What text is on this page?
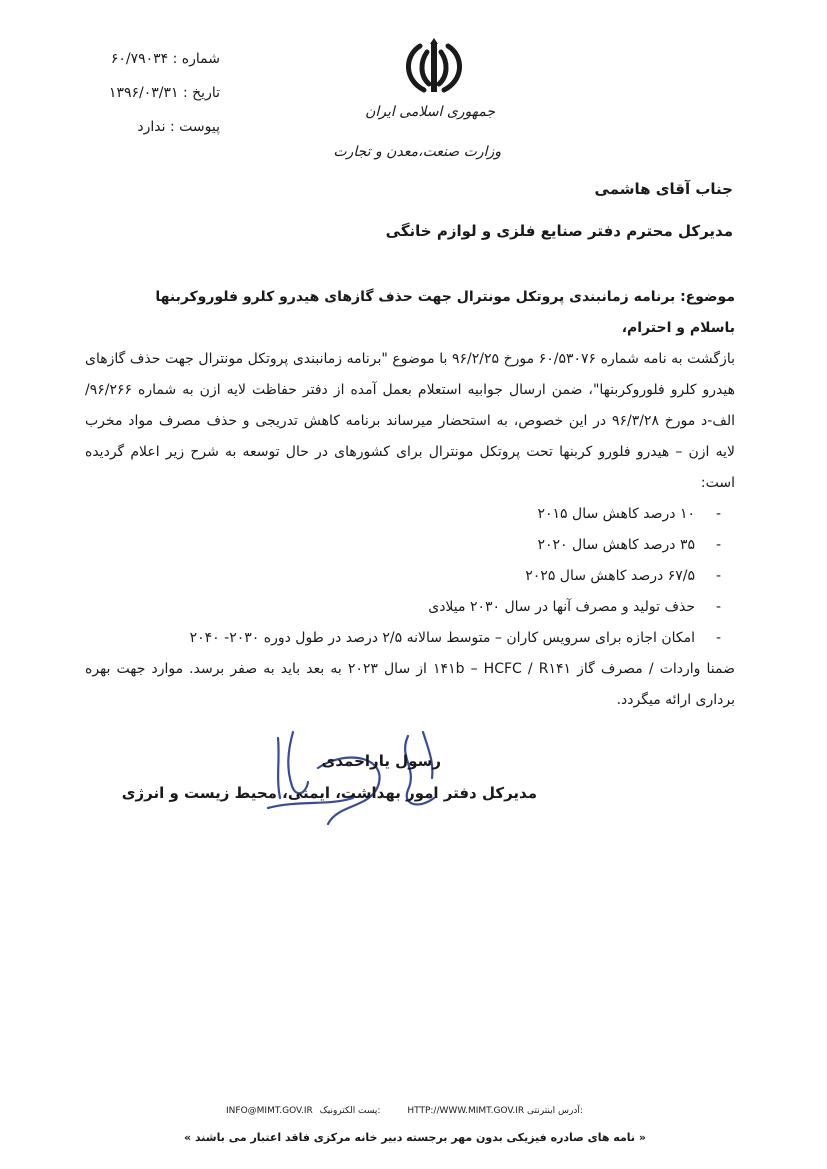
شماره : ۶۰/۷۹۰۳۴
تاریخ : ۱۳۹۶/۰۳/۳۱
پیوست : ندارد
جمهوری اسلامی ایران
وزارت صنعت،معدن و تجارت
جناب آقای هاشمی
مدیرکل محترم دفتر صنایع فلزی و لوازم خانگی
موضوع: برنامه زمانبندی پروتکل مونترال جهت حذف گازهای هیدرو کلرو فلوروکربنها
باسلام و احترام،
بازگشت به نامه شماره ۶۰/۵۳۰۷۶ مورخ ۹۶/۲/۲۵ با موضوع "برنامه زمانبندی پروتکل مونترال جهت حذف گازهای هیدرو کلرو فلوروکربنها"، ضمن ارسال جوابیه استعلام بعمل آمده از دفتر حفاظت لایه ازن به شماره ۹۶/۲۶۶/الف-د مورخ ۹۶/۳/۲۸ در این خصوص، به استحضار میرساند برنامه کاهش تدریجی و حذف مصرف مواد مخرب لایه ازن – هیدرو فلورو کربنها تحت پروتکل مونترال برای کشورهای در حال توسعه به شرح زیر اعلام گردیده است:
-
۱۰ درصد کاهش سال ۲۰۱۵
-
۳۵ درصد کاهش سال ۲۰۲۰
-
۶۷/۵ درصد کاهش سال ۲۰۲۵
-
حذف تولید و مصرف آنها در سال ۲۰۳۰ میلادی
-
امکان اجازه برای سرویس کاران – متوسط سالانه ۲/۵ درصد در طول دوره ۲۰۳۰- ۲۰۴۰
ضمنا واردات / مصرف گاز ۱۴۱b – HCFC / R۱۴۱ از سال ۲۰۲۳ به بعد باید به صفر برسد. موارد جهت بهره برداری ارائه میگردد.
رسول یاراحمدی
مدیرکل دفتر امور بهداشت، ایمنی، محیط زیست و انرژی
INFO@MIMT.GOV.IR پست الکترونیک:	HTTP://WWW.MIMT.GOV.IR آدرس اینترنتی:
« نامه های صادره فیزیکی بدون مهر برجسته دبیر خانه مرکزی فاقد اعتبار می باشند »
